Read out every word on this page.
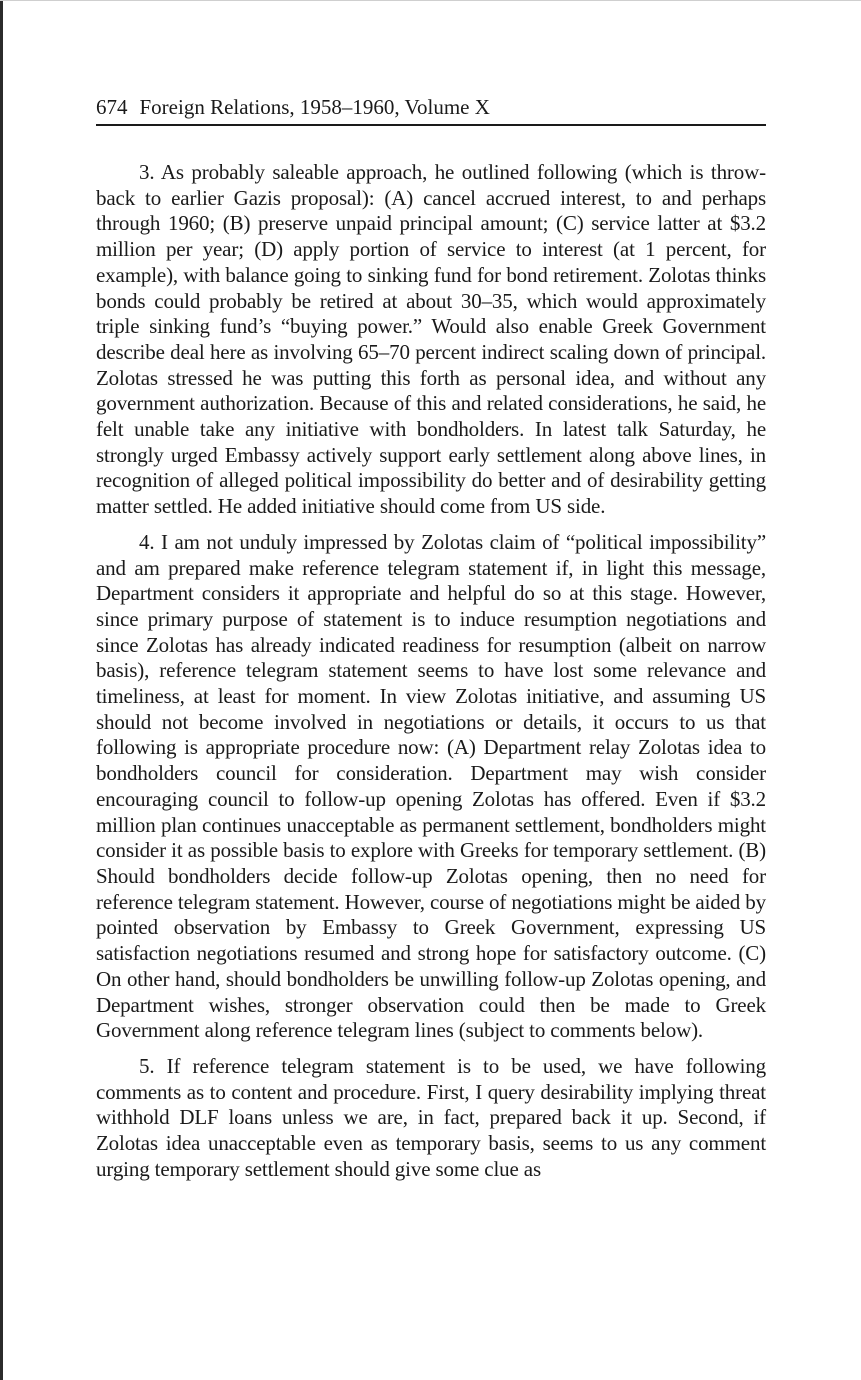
674 Foreign Relations, 1958–1960, Volume X

3. As probably saleable approach, he outlined following (which is throw-back to earlier Gazis proposal): (A) cancel accrued interest, to and perhaps through 1960; (B) preserve unpaid principal amount; (C) service latter at $3.2 million per year; (D) apply portion of service to interest (at 1 percent, for example), with balance going to sinking fund for bond retirement. Zolotas thinks bonds could probably be retired at about 30–35, which would approximately triple sinking fund’s “buying power.” Would also enable Greek Government describe deal here as involving 65–70 percent indirect scaling down of principal. Zolotas stressed he was putting this forth as personal idea, and without any government authorization. Because of this and related considerations, he said, he felt unable take any initiative with bondholders. In latest talk Saturday, he strongly urged Embassy actively support early settlement along above lines, in recognition of alleged political impossibility do better and of desirability getting matter settled. He added initiative should come from US side.

4. I am not unduly impressed by Zolotas claim of “political impossibility” and am prepared make reference telegram statement if, in light this message, Department considers it appropriate and helpful do so at this stage. However, since primary purpose of statement is to induce resumption negotiations and since Zolotas has already indicated readiness for resumption (albeit on narrow basis), reference telegram statement seems to have lost some relevance and timeliness, at least for moment. In view Zolotas initiative, and assuming US should not become involved in negotiations or details, it occurs to us that following is appropriate procedure now: (A) Department relay Zolotas idea to bondholders council for consideration. Department may wish consider encouraging council to follow-up opening Zolotas has offered. Even if $3.2 million plan continues unacceptable as permanent settlement, bondholders might consider it as possible basis to explore with Greeks for temporary settlement. (B) Should bondholders decide follow-up Zolotas opening, then no need for reference telegram statement. However, course of negotiations might be aided by pointed observation by Embassy to Greek Government, expressing US satisfaction negotiations resumed and strong hope for satisfactory outcome. (C) On other hand, should bondholders be unwilling follow-up Zolotas opening, and Department wishes, stronger observation could then be made to Greek Government along reference telegram lines (subject to comments below).

5. If reference telegram statement is to be used, we have following comments as to content and procedure. First, I query desirability implying threat withhold DLF loans unless we are, in fact, prepared back it up. Second, if Zolotas idea unacceptable even as temporary basis, seems to us any comment urging temporary settlement should give some clue as
